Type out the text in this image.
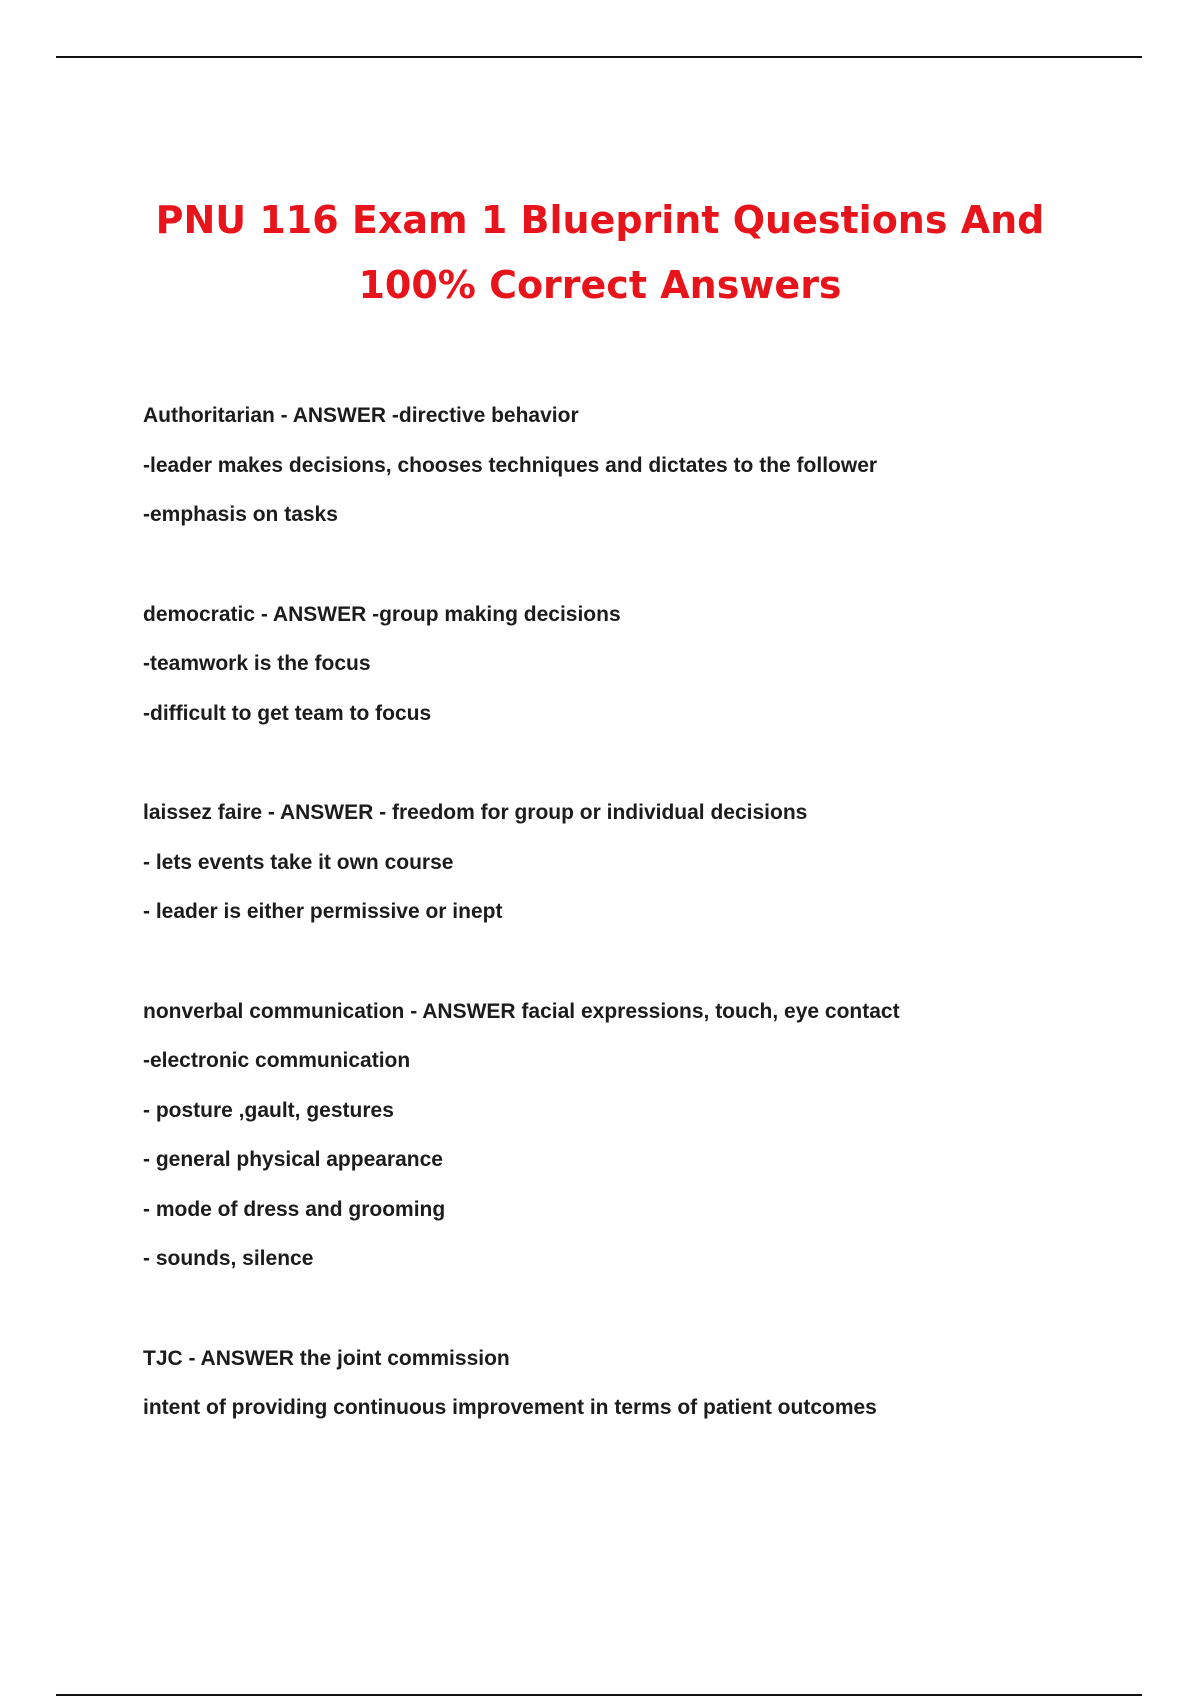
PNU 116 Exam 1 Blueprint Questions And
100% Correct Answers

Authoritarian - ANSWER -directive behavior

-leader makes decisions, chooses techniques and dictates to the follower

-emphasis on tasks

democratic - ANSWER -group making decisions

-teamwork is the focus

-difficult to get team to focus

laissez faire - ANSWER - freedom for group or individual decisions

- lets events take it own course

- leader is either permissive or inept

nonverbal communication - ANSWER facial expressions, touch, eye contact

-electronic communication

- posture ,gault, gestures

- general physical appearance

- mode of dress and grooming

- sounds, silence

TJC - ANSWER the joint commission

intent of providing continuous improvement in terms of patient outcomes
